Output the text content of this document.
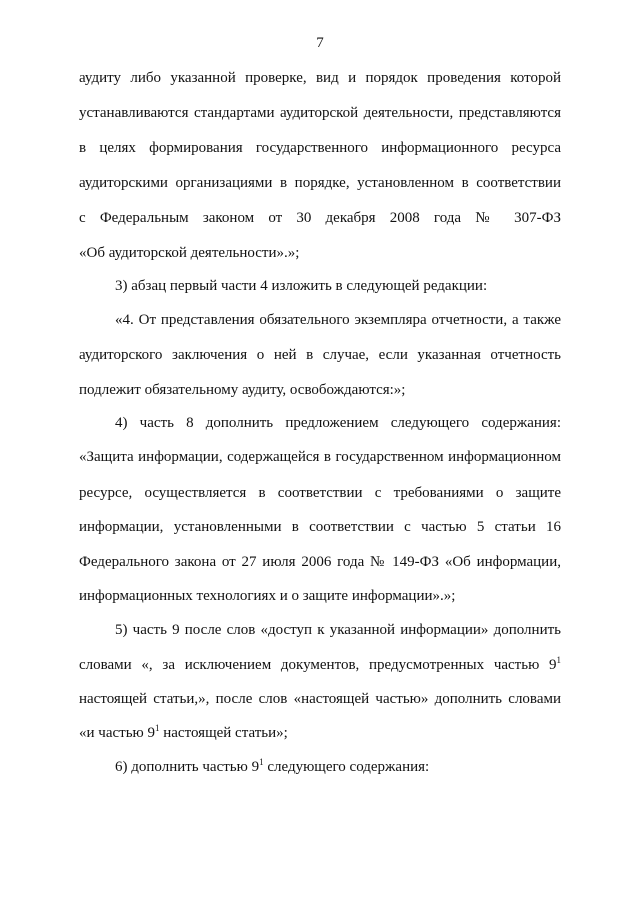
7
аудиту либо указанной проверке, вид и порядок проведения которой
устанавливаются стандартами аудиторской деятельности, представляются
в целях формирования государственного информационного ресурса
аудиторскими организациями в порядке, установленном в соответствии
с Федеральным законом от 30 декабря 2008 года № 307-ФЗ
«Об аудиторской деятельности».»;
3) абзац первый части 4 изложить в следующей редакции:
«4. От представления обязательного экземпляра отчетности, а также
аудиторского заключения о ней в случае, если указанная отчетность
подлежит обязательному аудиту, освобождаются:»;
4) часть 8 дополнить предложением следующего содержания:
«Защита информации, содержащейся в государственном информационном
ресурсе, осуществляется в соответствии с требованиями о защите
информации, установленными в соответствии с частью 5 статьи 16
Федерального закона от 27 июля 2006 года № 149-ФЗ «Об информации,
информационных технологиях и о защите информации».»;
5) часть 9 после слов «доступ к указанной информации» дополнить
словами «, за исключением документов, предусмотренных частью $9^1$
настоящей статьи,», после слов «настоящей частью» дополнить словами
«и частью $9^1$ настоящей статьи»;
6) дополнить частью $9^1$ следующего содержания:
